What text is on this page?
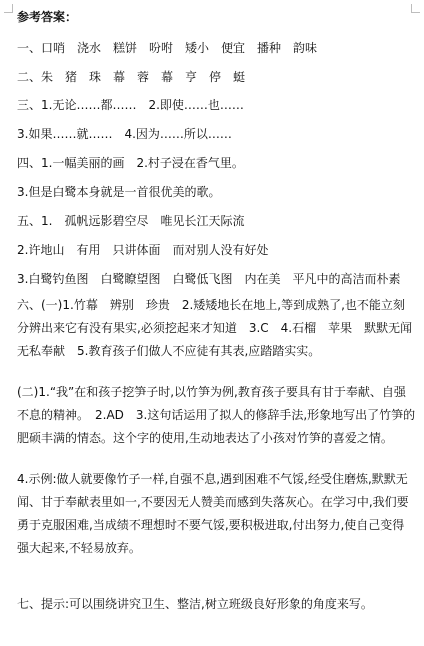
参考答案：
一、口哨　浇水　糕饼　吩咐　矮小　便宜　播种　韵味
二、朱　猪　珠　幕　蓉　幕　亨　停　蜓
三、1.无论……都……　2.即使……也……
3.如果……就……　4.因为……所以……
四、1.一幅美丽的画　2.村子浸在香气里。
3.但是白鹭本身就是一首很优美的歌。
五、1.　孤帆远影碧空尽　唯见长江天际流
2.许地山　有用　只讲体面　而对别人没有好处
3.白鹭钓鱼图　白鹭瞭望图　白鹭低飞图　内在美　平凡中的高洁而朴素
六、(一)1.竹幕　辨别　珍贵　2.矮矮地长在地上,等到成熟了,也不能立刻分辨出来它有没有果实,必须挖起来才知道　3.C　4.石榴　苹果　默默无闻　无私奉献　5.教育孩子们做人不应徒有其表,应踏踏实实。
(二)1.“我”在和孩子挖笋子时,以竹笋为例,教育孩子要具有甘于奉献、自强不息的精神。　2.AD　3.这句话运用了拟人的修辞手法,形象地写出了竹笋的肥硕丰满的情态。这个字的使用,生动地表达了小孩对竹笋的喜爱之情。
4.示例:做人就要像竹子一样,自强不息,遇到困难不气馁,经受住磨炼,默默无闻、甘于奉献表里如一,不要因无人赞美而感到失落灰心。在学习中,我们要勇于克服困难,当成绩不理想时不要气馁,要积极进取,付出努力,使自己变得强大起来,不轻易放弃。
七、提示:可以围绕讲究卫生、整洁,树立班级良好形象的角度来写。
